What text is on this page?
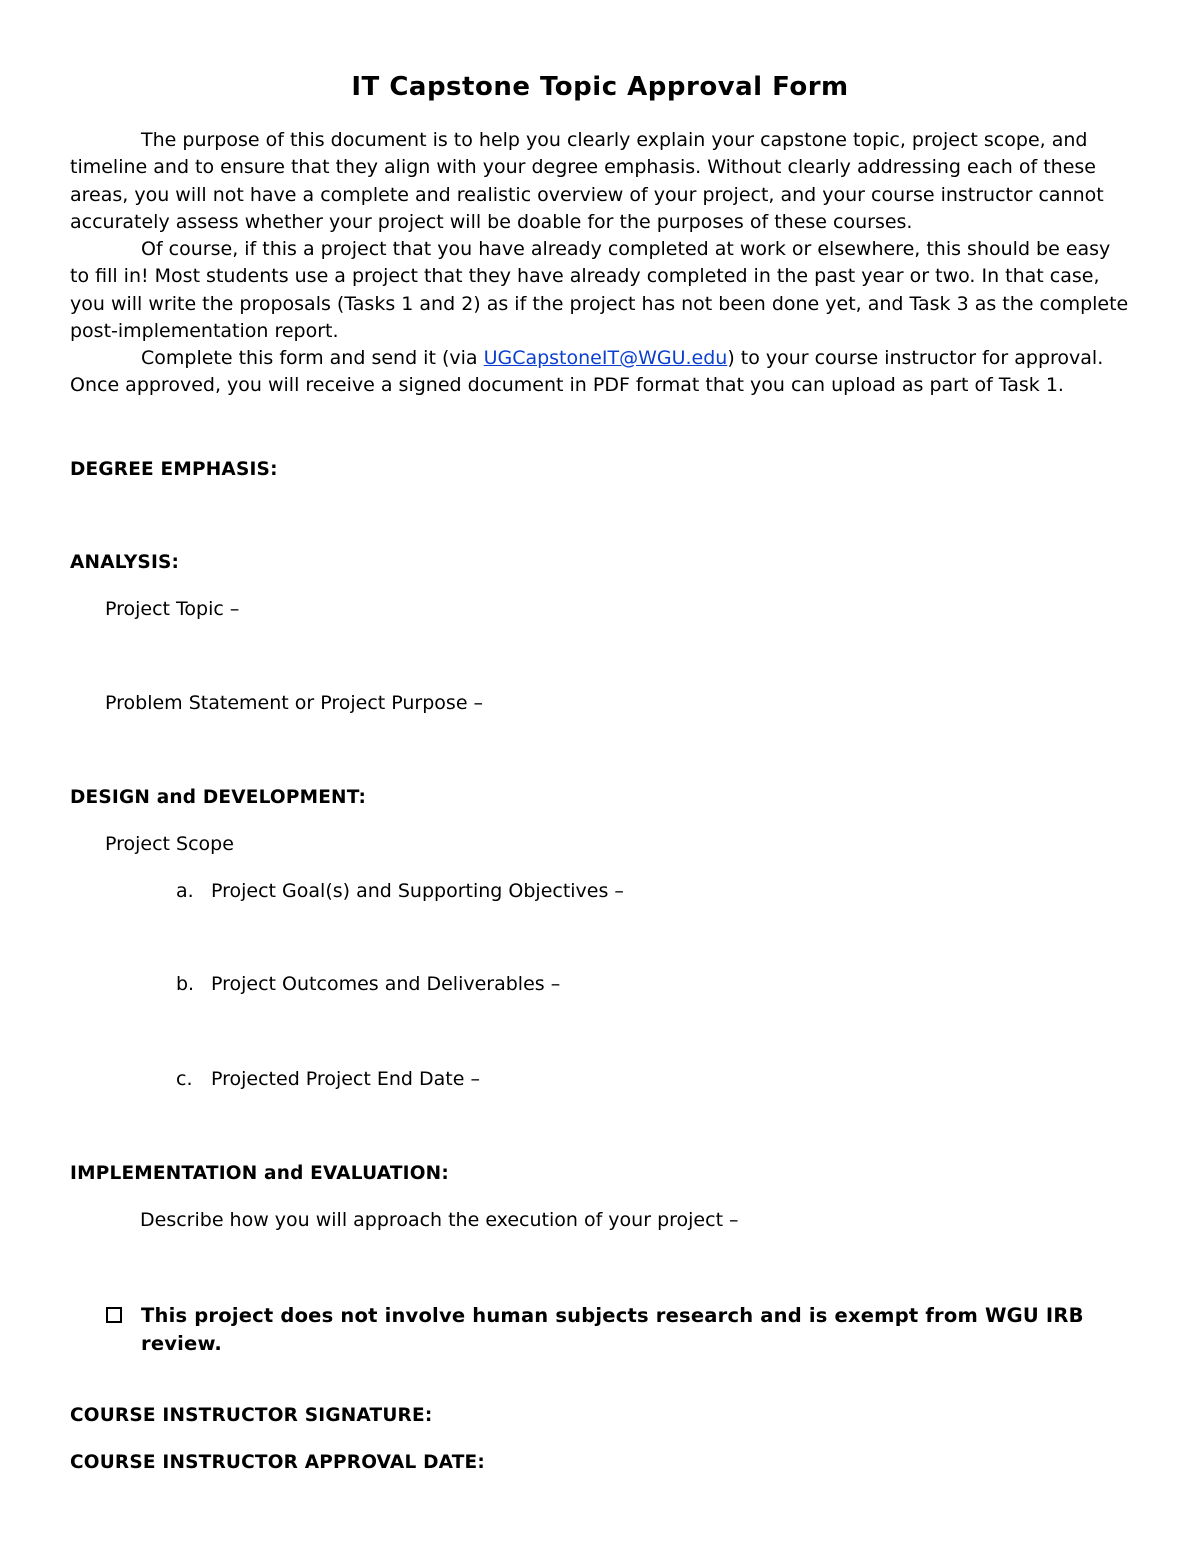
IT Capstone Topic Approval Form

The purpose of this document is to help you clearly explain your capstone topic, project scope, and timeline and to ensure that they align with your degree emphasis. Without clearly addressing each of these areas, you will not have a complete and realistic overview of your project, and your course instructor cannot accurately assess whether your project will be doable for the purposes of these courses.

Of course, if this a project that you have already completed at work or elsewhere, this should be easy to fill in! Most students use a project that they have already completed in the past year or two. In that case, you will write the proposals (Tasks 1 and 2) as if the project has not been done yet, and Task 3 as the complete post-implementation report.

Complete this form and send it (via UGCapstoneIT@WGU.edu) to your course instructor for approval. Once approved, you will receive a signed document in PDF format that you can upload as part of Task 1.

DEGREE EMPHASIS:
ANALYSIS:
Project Topic –
Problem Statement or Project Purpose –
DESIGN and DEVELOPMENT:
Project Scope
a. Project Goal(s) and Supporting Objectives –
b. Project Outcomes and Deliverables –
c. Projected Project End Date –
IMPLEMENTATION and EVALUATION:
Describe how you will approach the execution of your project –
This project does not involve human subjects research and is exempt from WGU IRB review.
COURSE INSTRUCTOR SIGNATURE:
COURSE INSTRUCTOR APPROVAL DATE:
